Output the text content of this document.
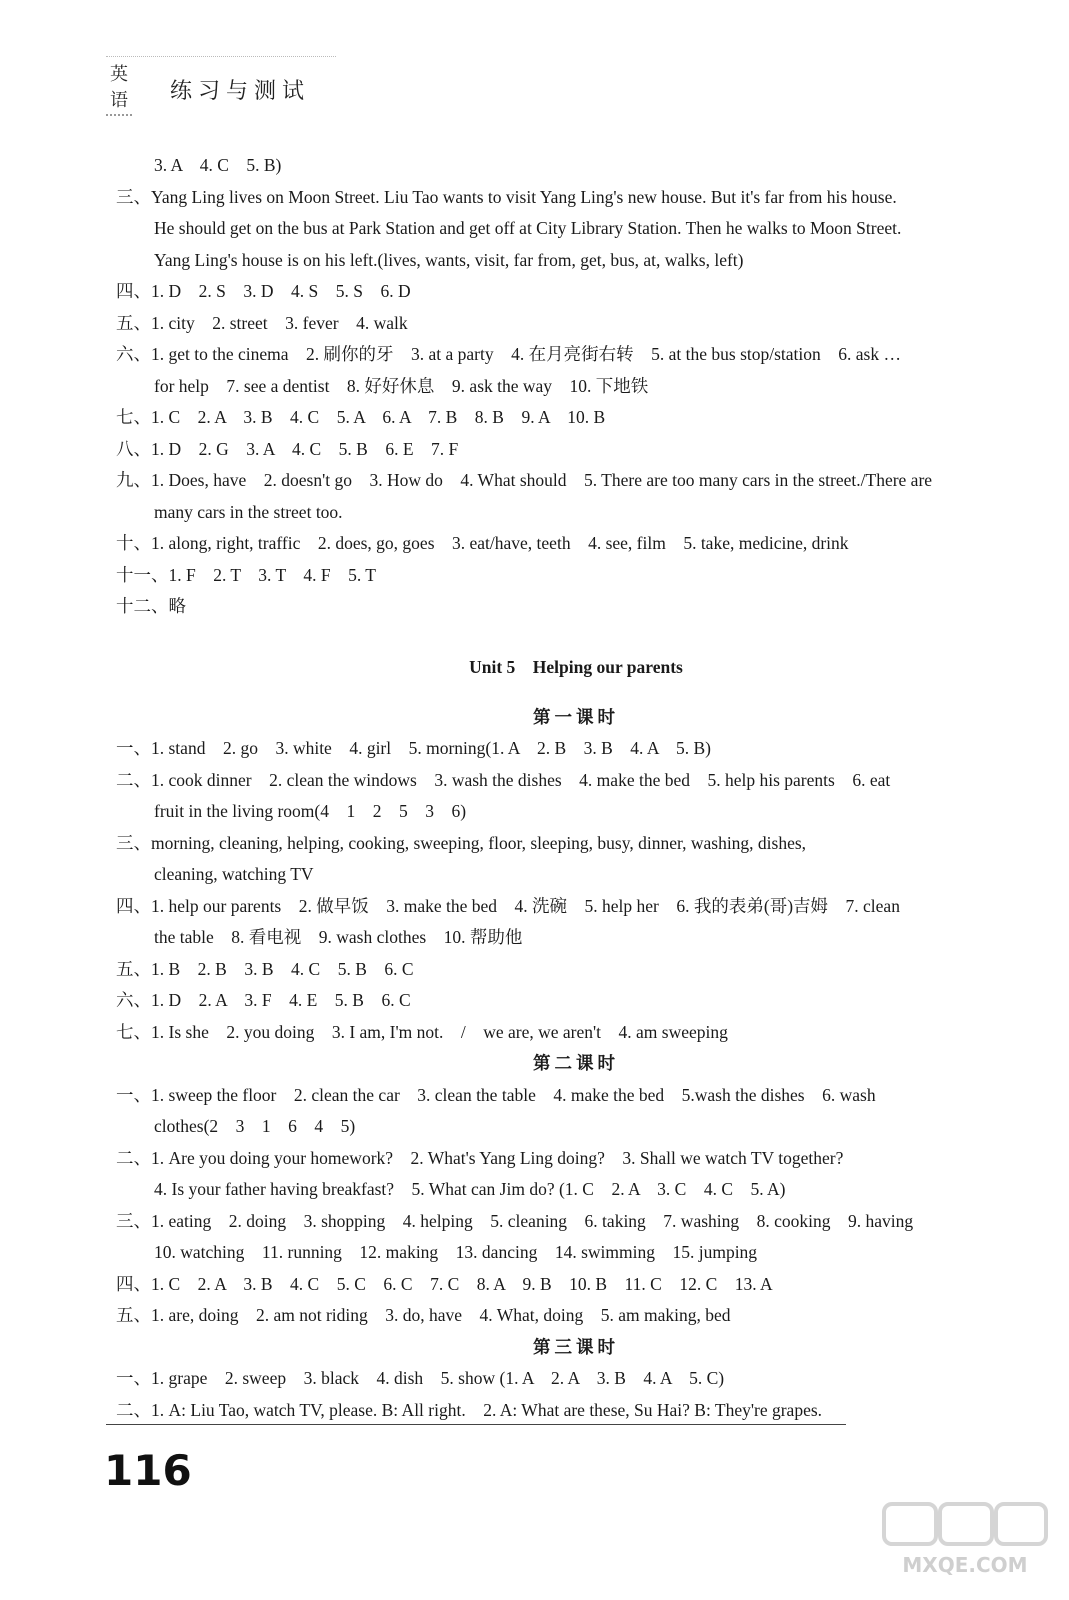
英语 练习与测试
3. A　4. C　5. B)
三、Yang Ling lives on Moon Street. Liu Tao wants to visit Yang Ling's new house. But it's far from his house.
He should get on the bus at Park Station and get off at City Library Station. Then he walks to Moon Street.
Yang Ling's house is on his left.(lives, wants, visit, far from, get, bus, at, walks, left)
四、1. D　2. S　3. D　4. S　5. S　6. D
五、1. city　2. street　3. fever　4. walk
六、1. get to the cinema　2. 刷你的牙　3. at a party　4. 在月亮街右转　5. at the bus stop/station　6. ask …
for help　7. see a dentist　8. 好好休息　9. ask the way　10. 下地铁
七、1. C　2. A　3. B　4. C　5. A　6. A　7. B　8. B　9. A　10. B
八、1. D　2. G　3. A　4. C　5. B　6. E　7. F
九、1. Does, have　2. doesn't go　3. How do　4. What should　5. There are too many cars in the street./There are
many cars in the street too.
十、1. along, right, traffic　2. does, go, goes　3. eat/have, teeth　4. see, film　5. take, medicine, drink
十一、1. F　2. T　3. T　4. F　5. T
十二、略
Unit 5　Helping our parents
第一课时
一、1. stand　2. go　3. white　4. girl　5. morning(1. A　2. B　3. B　4. A　5. B)
二、1. cook dinner　2. clean the windows　3. wash the dishes　4. make the bed　5. help his parents　6. eat
fruit in the living room(4　1　2　5　3　6)
三、morning, cleaning, helping, cooking, sweeping, floor, sleeping, busy, dinner, washing, dishes,
cleaning, watching TV
四、1. help our parents　2. 做早饭　3. make the bed　4. 洗碗　5. help her　6. 我的表弟(哥)吉姆　7. clean
the table　8. 看电视　9. wash clothes　10. 帮助他
五、1. B　2. B　3. B　4. C　5. B　6. C
六、1. D　2. A　3. F　4. E　5. B　6. C
七、1. Is she　2. you doing　3. I am, I'm not.　/　we are, we aren't　4. am sweeping
第二课时
一、1. sweep the floor　2. clean the car　3. clean the table　4. make the bed　5.wash the dishes　6. wash
clothes(2　3　1　6　4　5)
二、1. Are you doing your homework?　2. What's Yang Ling doing?　3. Shall we watch TV together?
4. Is your father having breakfast?　5. What can Jim do? (1. C　2. A　3. C　4. C　5. A)
三、1. eating　2. doing　3. shopping　4. helping　5. cleaning　6. taking　7. washing　8. cooking　9. having
10. watching　11. running　12. making　13. dancing　14. swimming　15. jumping
四、1. C　2. A　3. B　4. C　5. C　6. C　7. C　8. A　9. B　10. B　11. C　12. C　13. A
五、1. are, doing　2. am not riding　3. do, have　4. What, doing　5. am making, bed
第三课时
一、1. grape　2. sweep　3. black　4. dish　5. show (1. A　2. A　3. B　4. A　5. C)
二、1. A: Liu Tao, watch TV, please. B: All right.　2. A: What are these, Su Hai? B: They're grapes.
116
MXQE.COM
